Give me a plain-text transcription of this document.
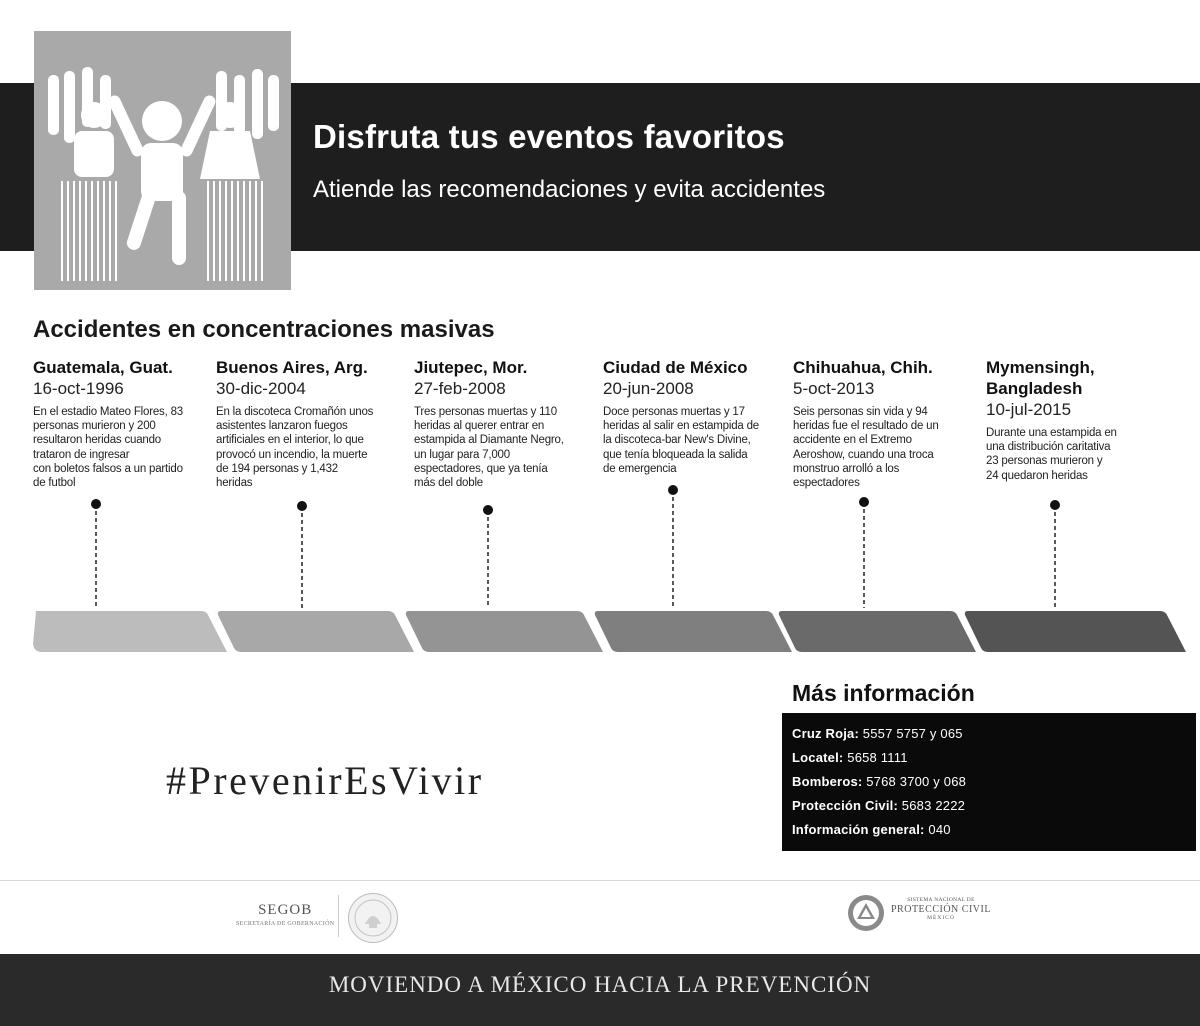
Disfruta tus eventos favoritos
Atiende las recomendaciones y evita accidentes
Accidentes en concentraciones masivas
Guatemala, Guat.
16-oct-1996
En el estadio Mateo Flores, 83
personas murieron y 200
resultaron heridas cuando
trataron de ingresar
con boletos falsos a un partido
de futbol
Buenos Aires, Arg.
30-dic-2004
En la discoteca Cromañón unos
asistentes lanzaron fuegos
artificiales en el interior, lo que
provocó un incendio, la muerte
de 194 personas y 1,432
heridas
Jiutepec, Mor.
27-feb-2008
Tres personas muertas y 110
heridas al querer entrar en
estampida al Diamante Negro,
un lugar para 7,000
espectadores, que ya tenía
más del doble
Ciudad de México
20-jun-2008
Doce personas muertas y 17
heridas al salir en estampida de
la discoteca-bar New's Divine,
que tenía bloqueada la salida
de emergencia
Chihuahua, Chih.
5-oct-2013
Seis personas sin vida y 94
heridas fue el resultado de un
accidente en el Extremo
Aeroshow, cuando una troca
monstruo arrolló a los
espectadores
Mymensingh,
Bangladesh
10-jul-2015
Durante una estampida en
una distribución caritativa
23 personas murieron y
24 quedaron heridas
#PrevenirEsVivir
Más información
Cruz Roja: 5557 5757 y 065
Locatel: 5658 1111
Bomberos: 5768 3700 y 068
Protección Civil: 5683 2222
Información general: 040
SEGOB
SECRETARÍA DE GOBERNACIÓN
SISTEMA NACIONAL DE
PROTECCIÓN CIVIL
MÉXICO
MOVIENDO A MÉXICO HACIA LA PREVENCIÓN
